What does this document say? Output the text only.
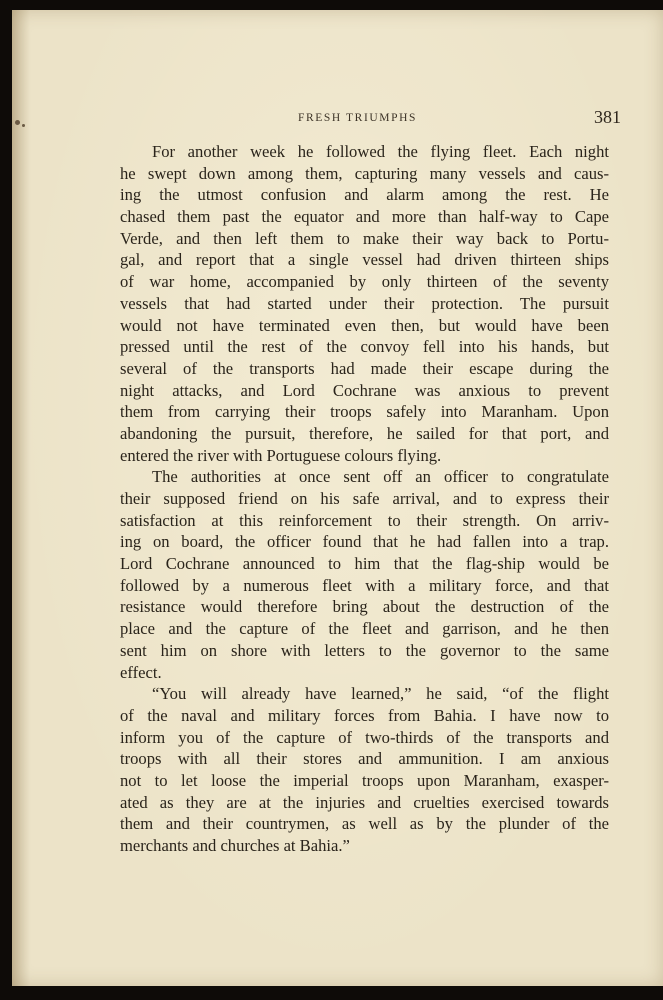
FRESH TRIUMPHS	381
For another week he followed the flying fleet. Each night
he swept down among them, capturing many vessels and caus-
ing the utmost confusion and alarm among the rest. He
chased them past the equator and more than half-way to Cape
Verde, and then left them to make their way back to Portu-
gal, and report that a single vessel had driven thirteen ships
of war home, accompanied by only thirteen of the seventy
vessels that had started under their protection. The pursuit
would not have terminated even then, but would have been
pressed until the rest of the convoy fell into his hands, but
several of the transports had made their escape during the
night attacks, and Lord Cochrane was anxious to prevent
them from carrying their troops safely into Maranham. Upon
abandoning the pursuit, therefore, he sailed for that port, and
entered the river with Portuguese colours flying.
The authorities at once sent off an officer to congratulate
their supposed friend on his safe arrival, and to express their
satisfaction at this reinforcement to their strength. On arriv-
ing on board, the officer found that he had fallen into a trap.
Lord Cochrane announced to him that the flag-ship would be
followed by a numerous fleet with a military force, and that
resistance would therefore bring about the destruction of the
place and the capture of the fleet and garrison, and he then
sent him on shore with letters to the governor to the same
effect.
“You will already have learned,” he said, “of the flight
of the naval and military forces from Bahia. I have now to
inform you of the capture of two-thirds of the transports and
troops with all their stores and ammunition. I am anxious
not to let loose the imperial troops upon Maranham, exasper-
ated as they are at the injuries and cruelties exercised towards
them and their countrymen, as well as by the plunder of the
merchants and churches at Bahia.”
